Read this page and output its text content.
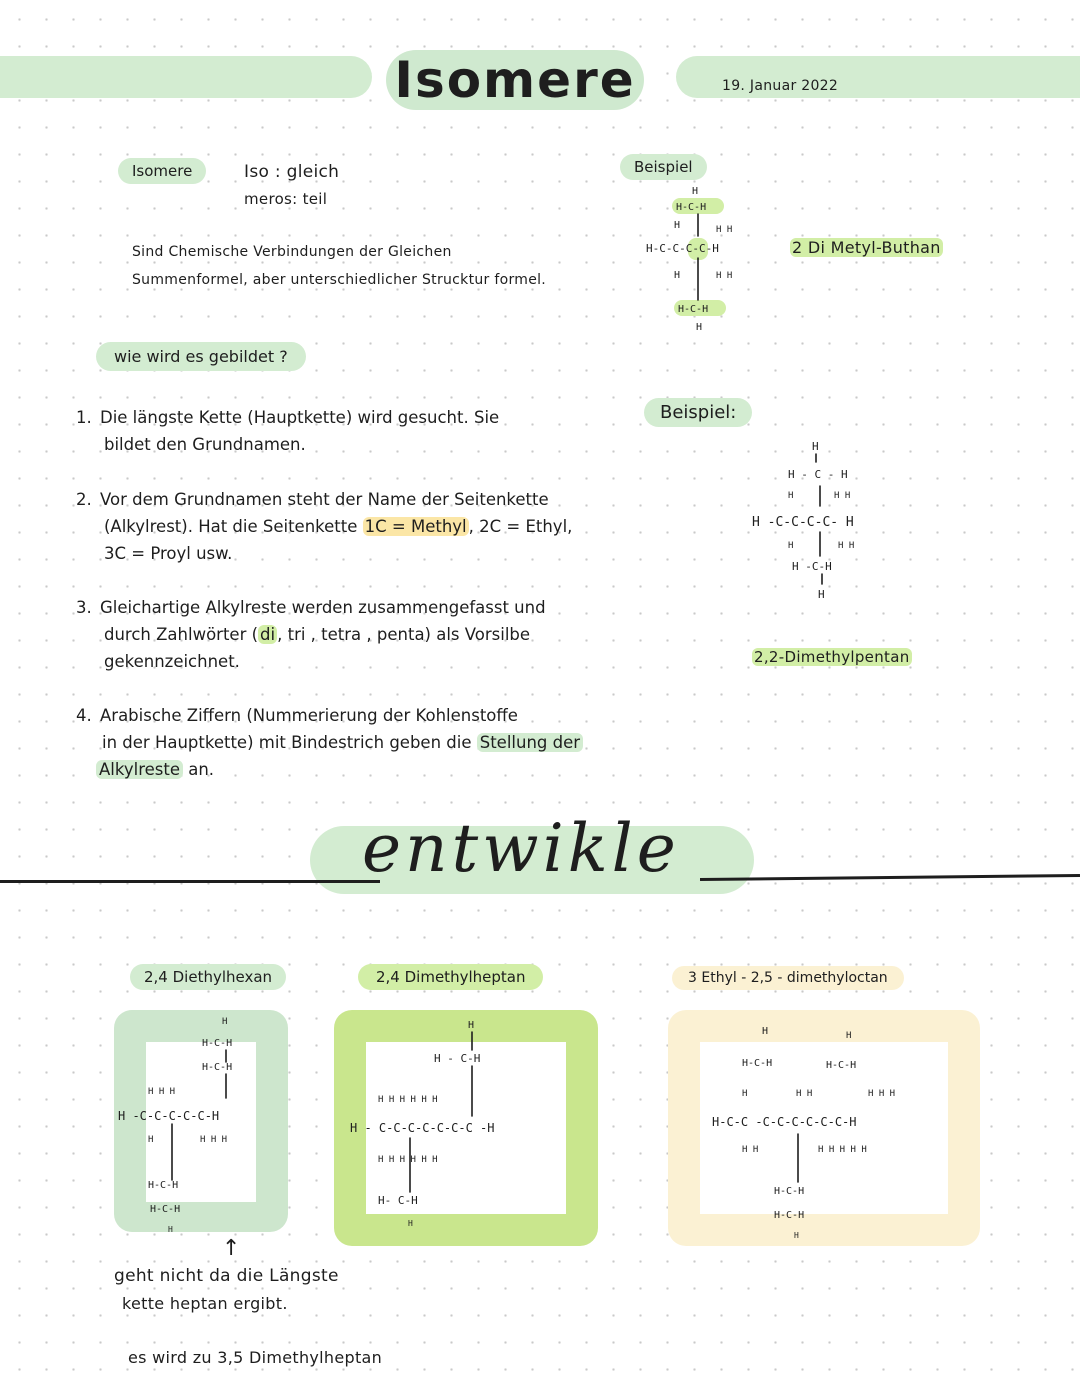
Isomere	19. Januar 2022
Isomere	Iso : gleich
meros: teil
Sind Chemische Verbindungen der Gleichen
Summenformel, aber unterschiedlicher Strucktur formel.
wie wird es gebildet ?
1. Die längste Kette (Hauptkette) wird gesucht. Sie
bildet den Grundnamen.
2. Vor dem Grundnamen steht der Name der Seitenkette
(Alkylrest). Hat die Seitenkette 1C = Methyl , 2C = Ethyl,
3C = Proyl usw.
3. Gleichartige Alkylreste werden zusammengefasst und
durch Zahlwörter ( di , tri , tetra , penta) als Vorsilbe
gekennzeichnet.
4. Arabische Ziffern (Nummerierung der Kohlenstoffe
in der Hauptkette) mit Bindestrich geben die Stellung der
Alkylreste an.
Beispiel
H
H-C-H
H	H H
H-C-C-C-C-H
H	H H
H-C-H
H
2 Di Metyl-Buthan
Beispiel:
H
H - C - H
H	H H
H -C-C-C-C- H
H	H H
H -C-H
H
2,2-Dimethylpentan
entwikle
2,4 Diethylhexan	2,4 Dimethylheptan	3 Ethyl - 2,5 - dimethyloctan
H
H-C-H
H-C-H
H H H
H -C-C-C-C-C-H
H	H H H
H-C-H
H-C-H
H
H
H - C-H
H H H H H H
H - C-C-C-C-C-C-C -H
H H H H H H
H- C-H
H
H
H-C-H
H
H-C-H
H	H H	H H H
H-C-C -C-C-C-C-C-C-H
H H	H H H H H
H-C-H
H-C-H
H
↑
geht nicht da die Längste
kette heptan ergibt.
es wird zu 3,5 Dimethylheptan
